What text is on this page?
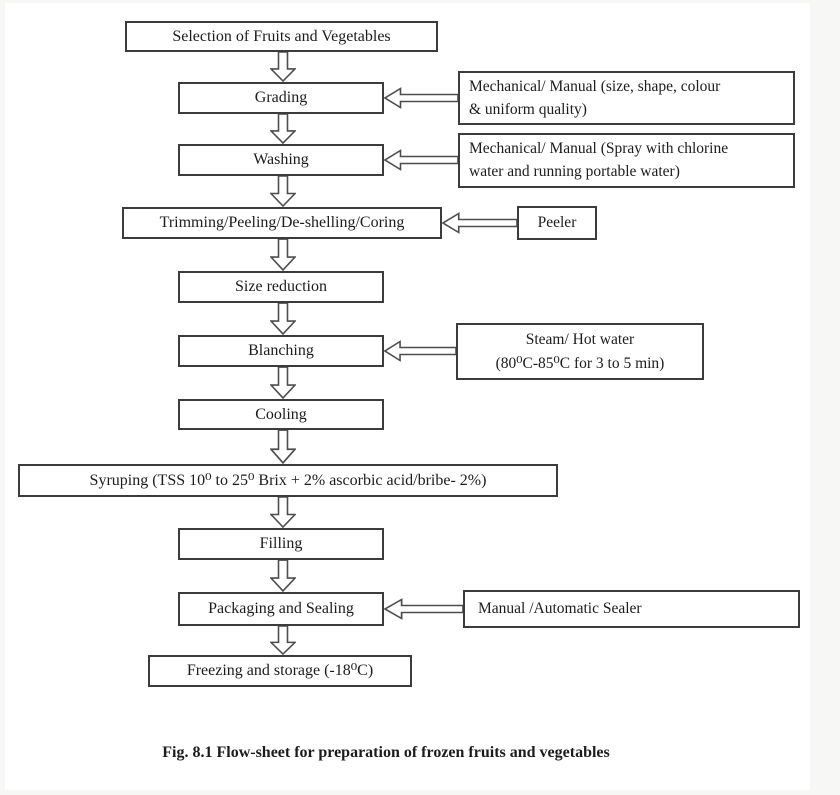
Selection of Fruits and Vegetables
Grading
Washing
Trimming/Peeling/De-shelling/Coring
Size reduction
Blanching
Cooling
Syruping (TSS 10⁰ to 25⁰ Brix + 2% ascorbic acid/bribe- 2%)
Filling
Packaging and Sealing
Freezing and storage (-18⁰C)
Mechanical/ Manual (size, shape, colour
& uniform quality)
Mechanical/ Manual (Spray with chlorine
water and running portable water)
Peeler
Steam/ Hot water
(80⁰C-85⁰C for 3 to 5 min)
Manual /Automatic Sealer
Fig. 8.1 Flow-sheet for preparation of frozen fruits and vegetables
